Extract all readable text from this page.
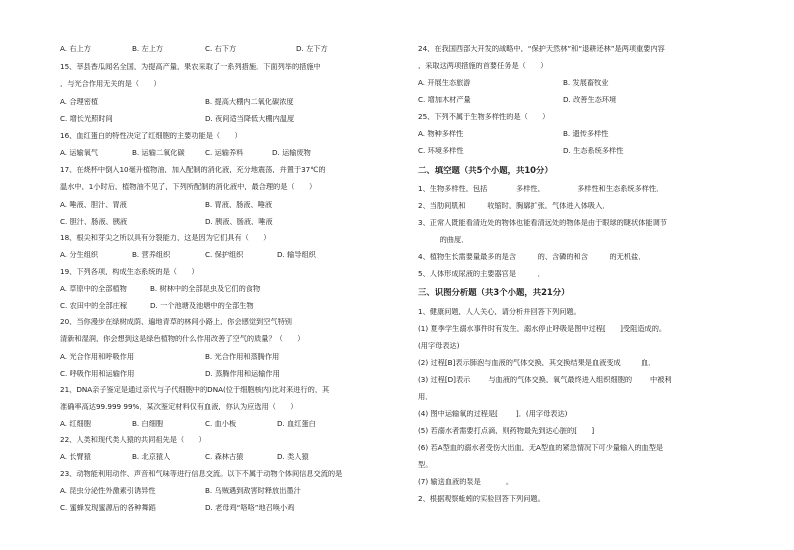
A. 右上方	B. 左上方	C. 右下方	D. 左下方
15、莘县香瓜闻名全国，为提高产量，果农采取了一系列措施．下面列举的措施中
，与光合作用无关的是（　　）
A. 合理密植	B. 提高大棚内二氧化碳浓度
C. 增长光照时间	D. 夜间适当降低大棚内温度
16、血红蛋白的特性决定了红细胞的主要功能是（　　）
A. 运输氧气	B. 运输二氧化碳	C. 运输养料	D. 运输废物
17、在烧杯中倒入10毫升植物油，加入配制的消化液，充分地震荡，并置于37℃的
温水中，1小时后，植物油不见了，下列所配制的消化液中，最合理的是（　　）
A. 唾液、胆汁、胃液	B. 胃液、肠液、唾液
C. 胆汁、肠液、胰液	D. 胰液、肠液、唾液
18、根尖和芽尖之所以具有分裂能力，这是因为它们具有（　　）
A. 分生组织	B. 营养组织	C. 保护组织	D. 输导组织
19、下列各项，构成生态系统的是（　　）
A. 草原中的全部植物	B. 树林中的全部昆虫及它们的食物
C. 农田中的全部庄稼	D. 一个池塘及池塘中的全部生物
20、当你漫步在绿树成荫、遍地青草的林间小路上，你会感觉到空气特别
清新和湿润，你会想到这是绿色植物的什么作用改善了空气的质量？（　　）
A. 光合作用和呼吸作用	B. 光合作用和蒸腾作用
C. 呼吸作用和运输作用	D. 蒸腾作用和运输作用
21、DNA亲子鉴定是通过亲代与子代细胞中的DNA(位于细胞核内)比对来进行的，其
准确率高达99.999 99%．某次鉴定材料仅有血液，你认为应选用（　　）
A. 红细胞	B. 白细胞	C. 血小板	D. 血红蛋白
22、人类和现代类人猿的共同祖先是（　　）
A. 长臂猿	B. 北京猿人	C. 森林古猿	D. 类人猿
23、动物能利用动作、声音和气味等进行信息交流。以下不属于动物个体间信息交流的是
A. 昆虫分泌性外激素引诱异性	B. 乌贼遇到敌害时释放出墨汁
C. 蜜蜂发现蜜源后的各种舞蹈	D. 老母鸡“咯咯”地召唤小鸡
24、在我国西部大开发的战略中，“保护天然林”和“退耕还林”是两项重要内容
，采取这两项措施的首要任务是（　　）
A. 开展生态旅游	B. 发展畜牧业
C. 增加木材产量	D. 改善生态环境
25、下列不属于生物多样性的是（　　）
A. 物种多样性	B. 遗传多样性
C. 环境多样性	D. 生态系统多样性
二、填空题（共5个小题，共10分）
1、生物多样性，包括________多样性，_________多样性和生态系统多样性．
2、当肋间肌和______收缩时，胸廓扩张，气体进入体吸入．
3、正常人既能看清近处的物体也能看清远处的物体是由于眼球的睫状体能调节____
______的曲度．
4、植物生长需要量最多的是含______的、含磷的和含______的无机盐．
5、人体形成尿液的主要器官是______．
三、识图分析题（共3个小题，共21分）
1、健康问题，人人关心，请分析并回答下列问题。
(1) 夏季学生溺水事件时有发生，溺水停止呼吸是图中过程[____]受阻造成的。
(用字母表达)
(2) 过程[B]表示肺泡与血液的气体交换，其交换结果是血液变成_____ 血．
(3) 过程[D]表示_____与血液的气体交换，氧气最终进入组织细胞的_____中被利
用．
(4) 图中运输氧的过程是[_____]．(用字母表达)
(5) 若溺水者需要打点滴，则药物最先到达心脏的[____]
(6) 若A型血的溺水者受伤大出血，无A型血的紧急情况下可少量输入的血型是____
型。
(7) 输送血液的泵是_______。
2、根据观察蚯蚓的实验回答下列问题。
